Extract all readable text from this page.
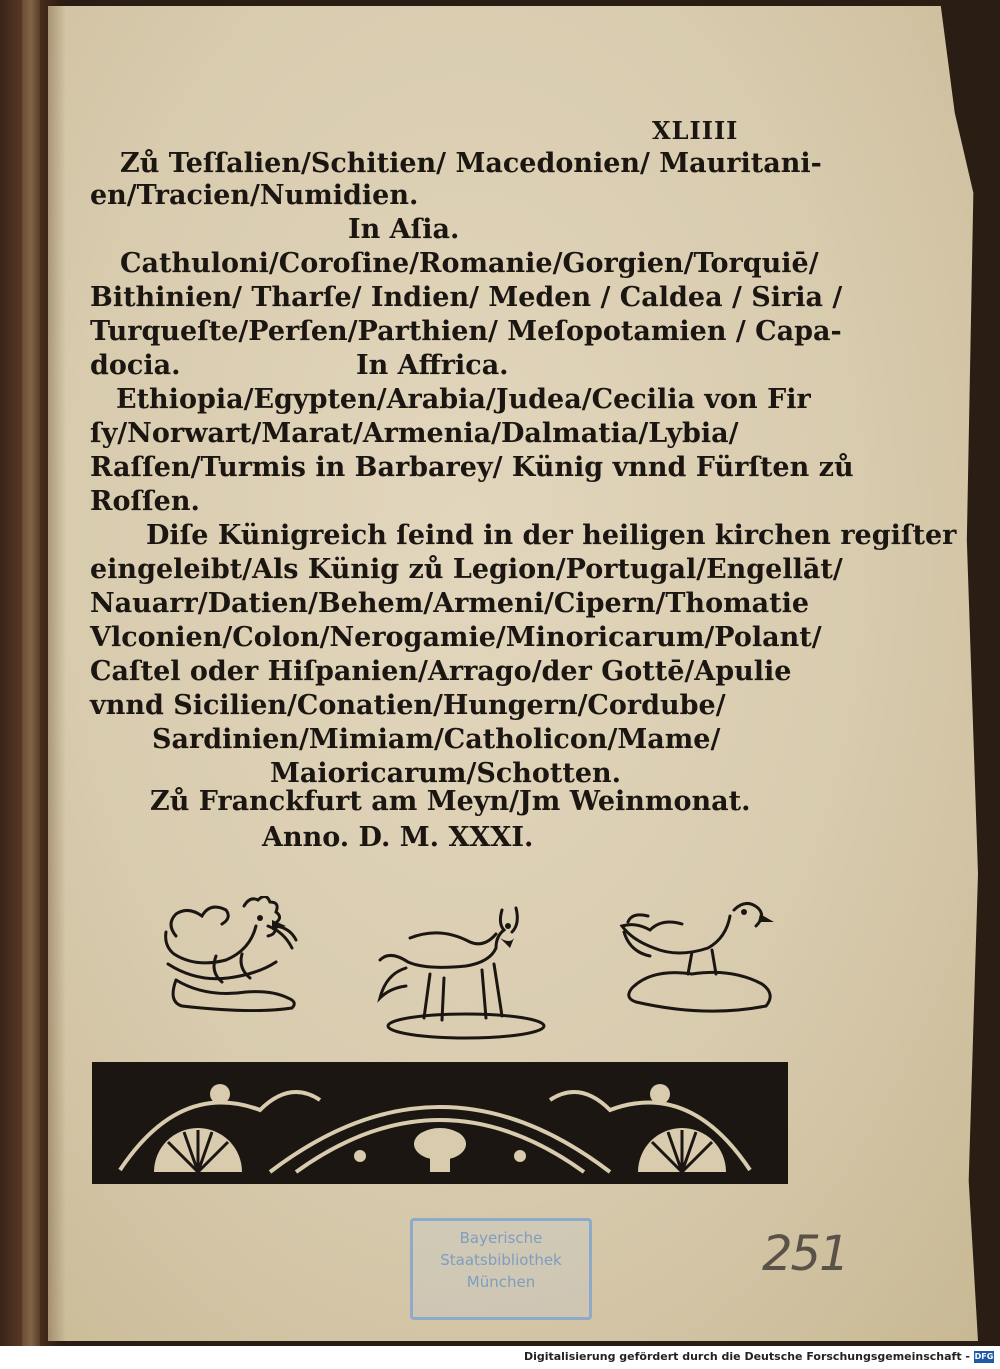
XLIIII
Zů Teſſalien/Schitien/ Macedonien/ Mauritani-
en/Tracien/Numidien.
In Aſia.
Cathuloni/Coroſine/Romanie/Gorgien/Torquiē/
Bithinien/ Tharſe/ Indien/ Meden / Caldea / Siria /
Turqueſte/Perſen/Parthien/ Meſopotamien / Capa-
docia.	In Affrica.
Ethiopia/Egypten/Arabia/Judea/Cecilia von Fir
ſy/Norwart/Marat/Armenia/Dalmatia/Lybia/
Raſſen/Turmis in Barbarey/ Künig vnnd Fürſten zů
Roſſen.
Diſe Künigreich ſeind in der heiligen kirchen regiſter
eingeleibt/Als Künig zů Legion/Portugal/Engellāt/
Nauarr/Datien/Behem/Armeni/Cipern/Thomatie
Vlconien/Colon/Nerogamie/Minoricarum/Polant/
Caſtel oder Hiſpanien/Arrago/der Gottē/Apulie
vnnd Sicilien/Conatien/Hungern/Cordube/
Sardinien/Mimiam/Catholicon/Mame/
Maioricarum/Schotten.
Zů Franckfurt am Meyn/Jm Weinmonat.
Anno. D. M. XXXI.
Bayerische
Staatsbibliothek
München	251
Digitalisierung gefördert durch die Deutsche Forschungsgemeinschaft - DFG
